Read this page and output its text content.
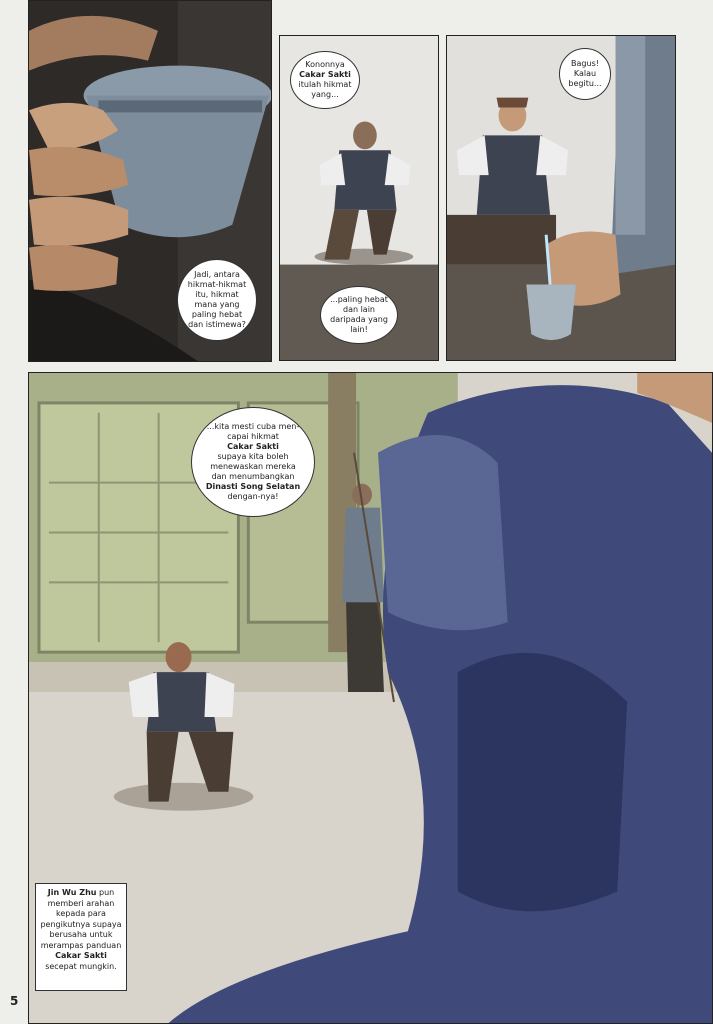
Jadi, antara hikmat-hikmat itu, hikmat mana yang paling hebat dan istimewa?
Kononnya
Cakar Sakti
itulah hikmat yang...
...paling hebat dan lain daripada yang lain!
Bagus! Kalau begitu...
...kita mesti cuba men-capai hikmat
Cakar Sakti
supaya kita boleh menewaskan mereka dan menumbangkan
Dinasti Song Selatan
dengan-nya!
Jin Wu Zhu pun memberi arahan kepada para pengikutnya supaya berusaha untuk merampas panduan Cakar Sakti secepat mungkin.
5
